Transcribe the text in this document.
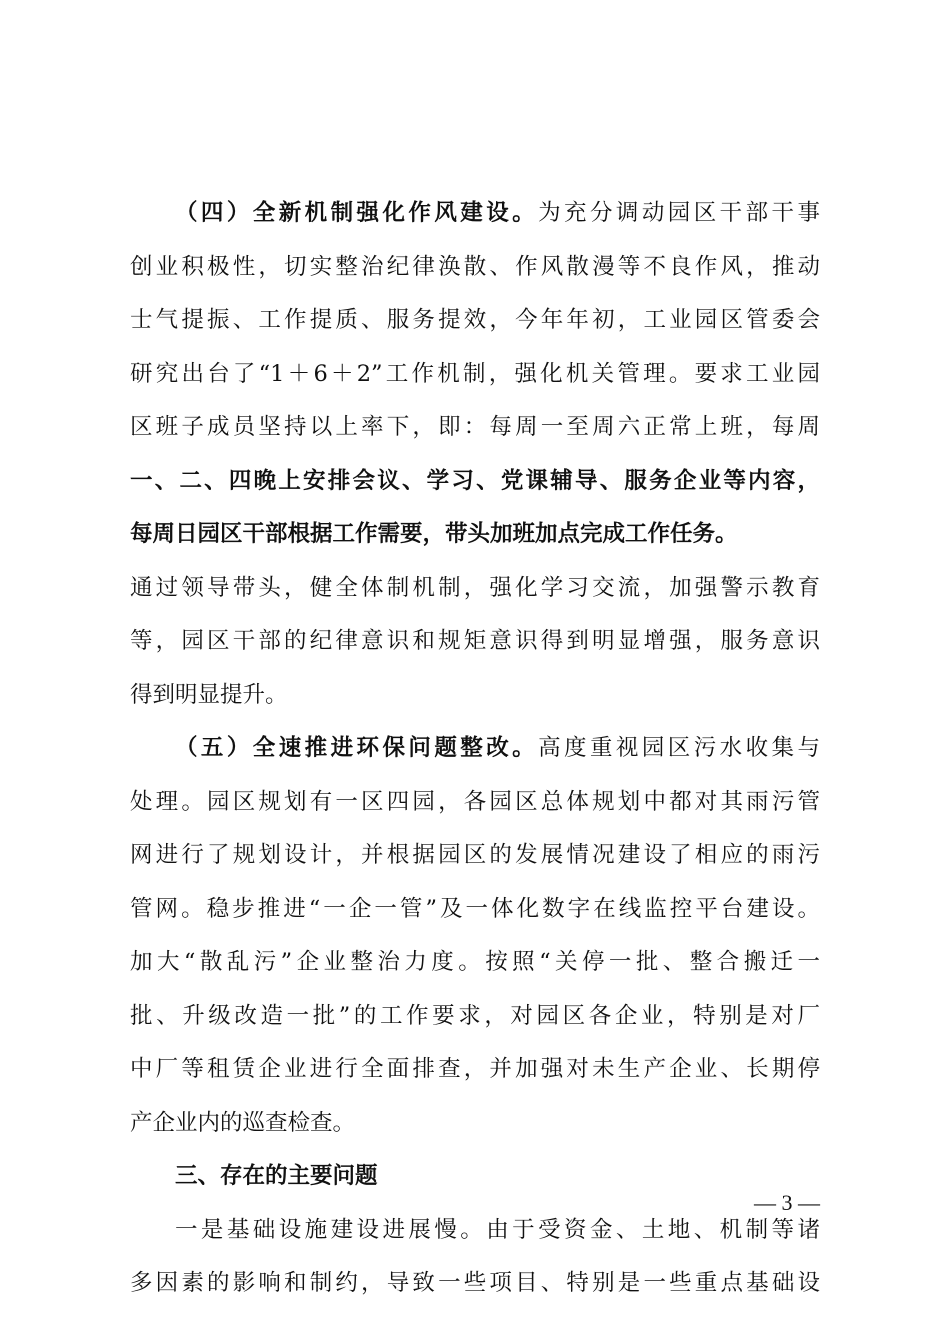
（四）全新机制强化作风建设。为充分调动园区干部干事
创业积极性，切实整治纪律涣散、作风散漫等不良作风，推动
士气提振、工作提质、服务提效，今年年初，工业园区管委会
研究出台了“1＋6＋2”工作机制，强化机关管理。要求工业园
区班子成员坚持以上率下，即：每周一至周六正常上班，每周
一、二、四晚上安排会议、学习、党课辅导、服务企业等内容，
每周日园区干部根据工作需要，带头加班加点完成工作任务。
通过领导带头，健全体制机制，强化学习交流，加强警示教育
等，园区干部的纪律意识和规矩意识得到明显增强，服务意识
得到明显提升。
（五）全速推进环保问题整改。高度重视园区污水收集与
处理。园区规划有一区四园，各园区总体规划中都对其雨污管
网进行了规划设计，并根据园区的发展情况建设了相应的雨污
管网。稳步推进“一企一管”及一体化数字在线监控平台建设。
加大“散乱污”企业整治力度。按照“关停一批、整合搬迁一
批、升级改造一批”的工作要求，对园区各企业，特别是对厂
中厂等租赁企业进行全面排查，并加强对未生产企业、长期停
产企业内的巡查检查。
三、存在的主要问题
一是基础设施建设进展慢。由于受资金、土地、机制等诸
多因素的影响和制约，导致一些项目、特别是一些重点基础设
— 3 —
